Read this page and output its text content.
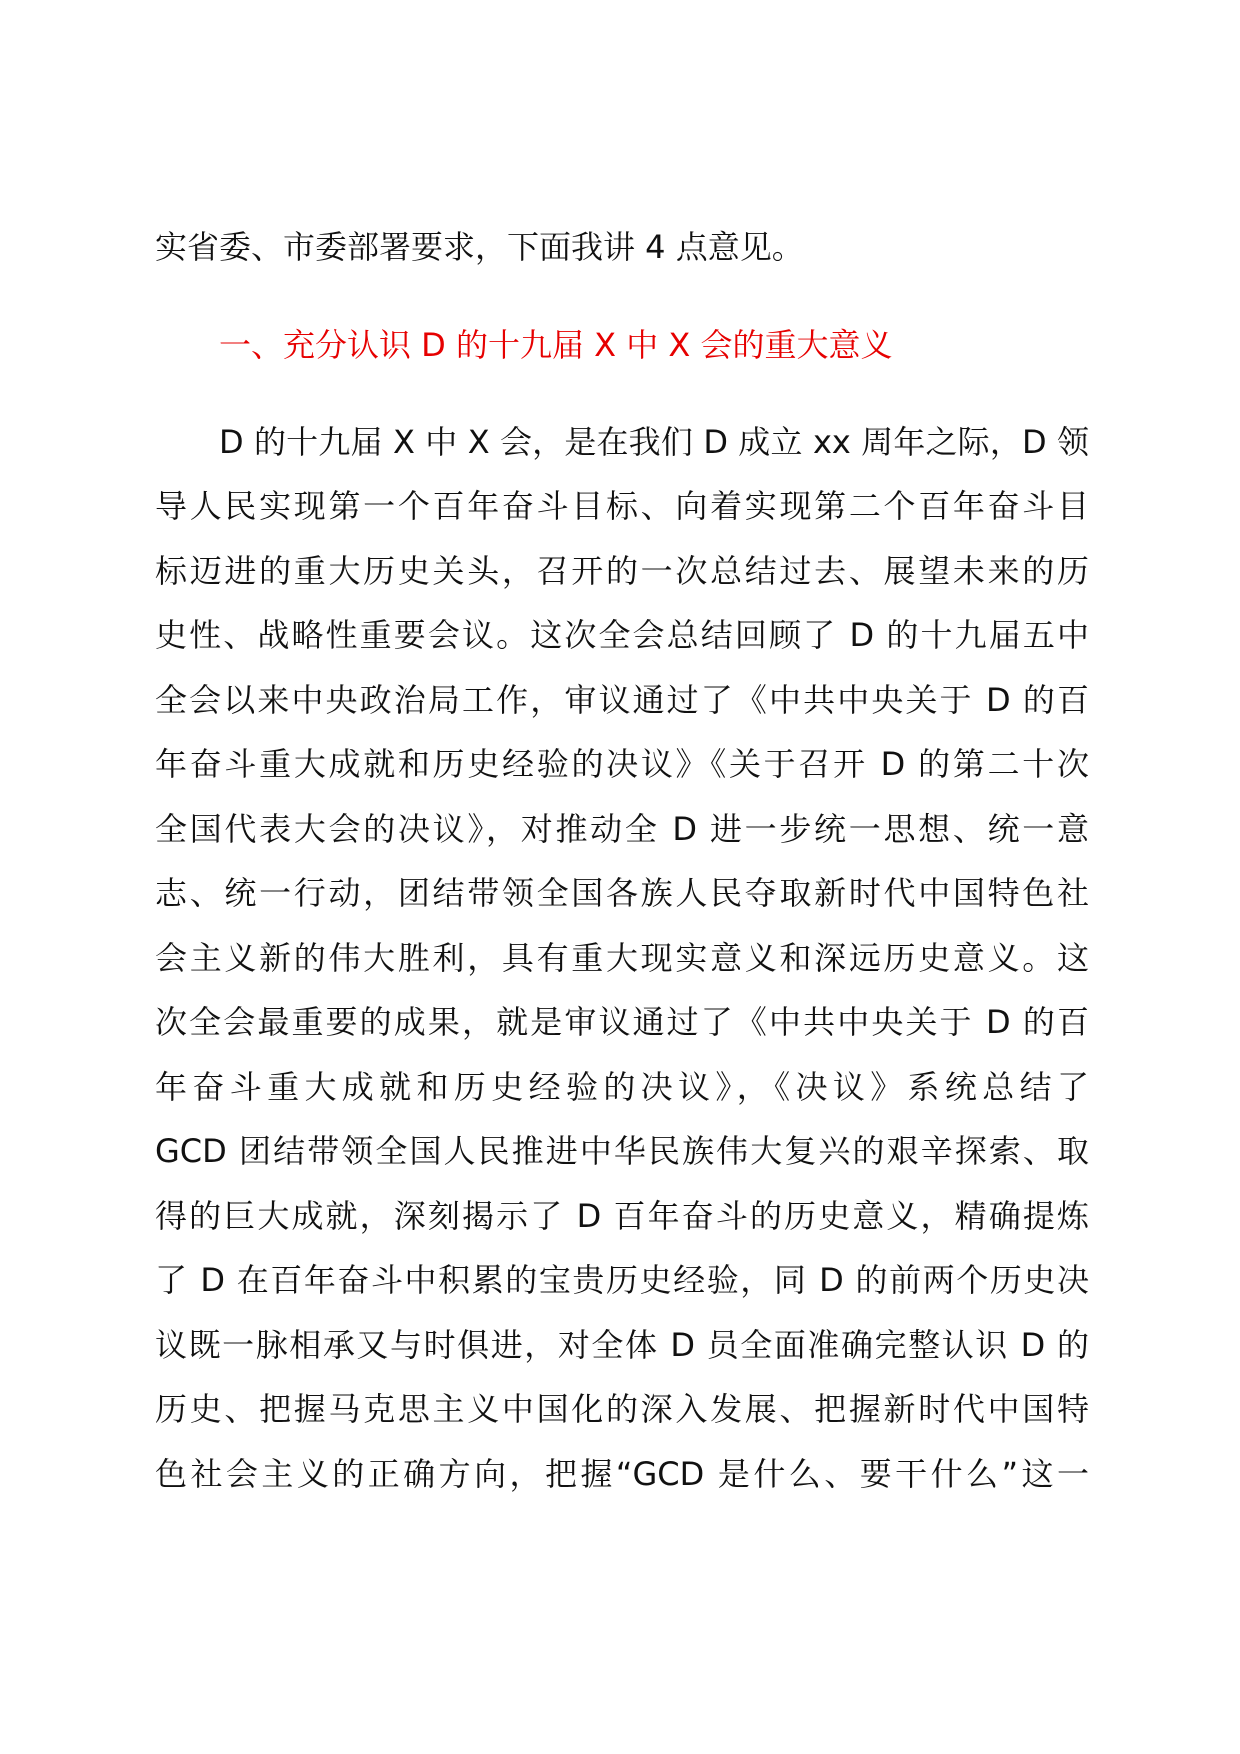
实省委、市委部署要求，下面我讲 4 点意见。
一、充分认识 D 的十九届 X 中 X 会的重大意义
D 的十九届 X 中 X 会，是在我们 D 成立 xx 周年之际，D 领
导人民实现第一个百年奋斗目标、向着实现第二个百年奋斗目
标迈进的重大历史关头，召开的一次总结过去、展望未来的历
史性、战略性重要会议。这次全会总结回顾了 D 的十九届五中
全会以来中央政治局工作，审议通过了《中共中央关于 D 的百
年奋斗重大成就和历史经验的决议》《关于召开 D 的第二十次
全国代表大会的决议》，对推动全 D 进一步统一思想、统一意
志、统一行动，团结带领全国各族人民夺取新时代中国特色社
会主义新的伟大胜利，具有重大现实意义和深远历史意义。这
次全会最重要的成果，就是审议通过了《中共中央关于 D 的百
年奋斗重大成就和历史经验的决议》，《决议》系统总结了
GCD 团结带领全国人民推进中华民族伟大复兴的艰辛探索、取
得的巨大成就，深刻揭示了 D 百年奋斗的历史意义，精确提炼
了 D 在百年奋斗中积累的宝贵历史经验，同 D 的前两个历史决
议既一脉相承又与时俱进，对全体 D 员全面准确完整认识 D 的
历史、把握马克思主义中国化的深入发展、把握新时代中国特
色社会主义的正确方向，把握“GCD 是什么、要干什么”这一
